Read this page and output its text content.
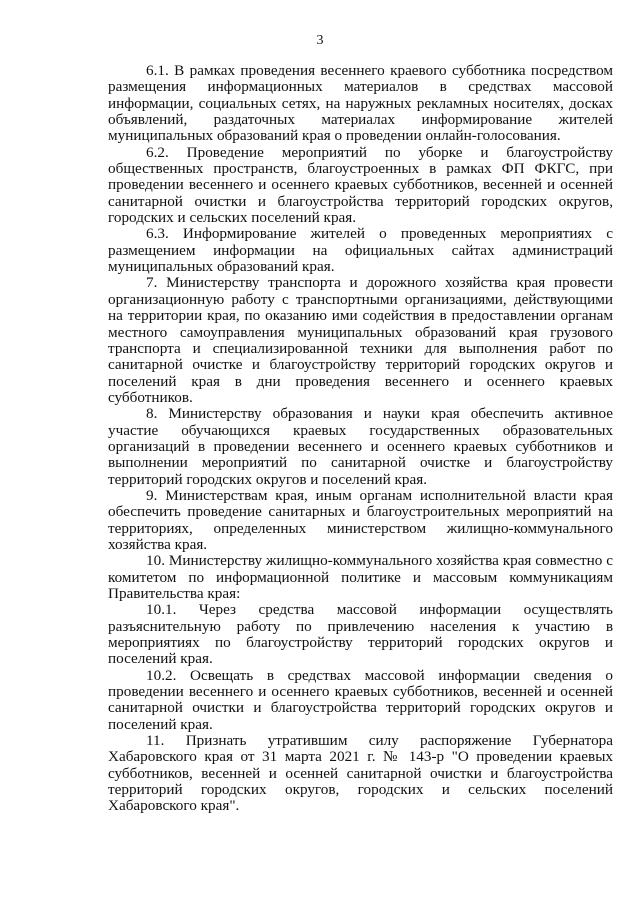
3

6.1. В рамках проведения весеннего краевого субботника посредством размещения информационных материалов в средствах массовой информации, социальных сетях, на наружных рекламных носителях, досках объявлений, раздаточных материалах информирование жителей муниципальных образований края о проведении онлайн-голосования.

6.2. Проведение мероприятий по уборке и благоустройству общественных пространств, благоустроенных в рамках ФП ФКГС, при проведении весеннего и осеннего краевых субботников, весенней и осенней санитарной очистки и благоустройства территорий городских округов, городских и сельских поселений края.

6.3. Информирование жителей о проведенных мероприятиях с размещением информации на официальных сайтах администраций муниципальных образований края.

7. Министерству транспорта и дорожного хозяйства края провести организационную работу с транспортными организациями, действующими на территории края, по оказанию ими содействия в предоставлении органам местного самоуправления муниципальных образований края грузового транспорта и специализированной техники для выполнения работ по санитарной очистке и благоустройству территорий городских округов и поселений края в дни проведения весеннего и осеннего краевых субботников.

8. Министерству образования и науки края обеспечить активное участие обучающихся краевых государственных образовательных организаций в проведении весеннего и осеннего краевых субботников и выполнении мероприятий по санитарной очистке и благоустройству территорий городских округов и поселений края.

9. Министерствам края, иным органам исполнительной власти края обеспечить проведение санитарных и благоустроительных мероприятий на территориях, определенных министерством жилищно-коммунального хозяйства края.

10. Министерству жилищно-коммунального хозяйства края совместно с комитетом по информационной политике и массовым коммуникациям Правительства края:

10.1. Через средства массовой информации осуществлять разъяснительную работу по привлечению населения к участию в мероприятиях по благоустройству территорий городских округов и поселений края.

10.2. Освещать в средствах массовой информации сведения о проведении весеннего и осеннего краевых субботников, весенней и осенней санитарной очистки и благоустройства территорий городских округов и поселений края.

11. Признать утратившим силу распоряжение Губернатора Хабаровского края от 31 марта 2021 г. № 143-р "О проведении краевых субботников, весенней и осенней санитарной очистки и благоустройства территорий городских округов, городских и сельских поселений Хабаровского края".
